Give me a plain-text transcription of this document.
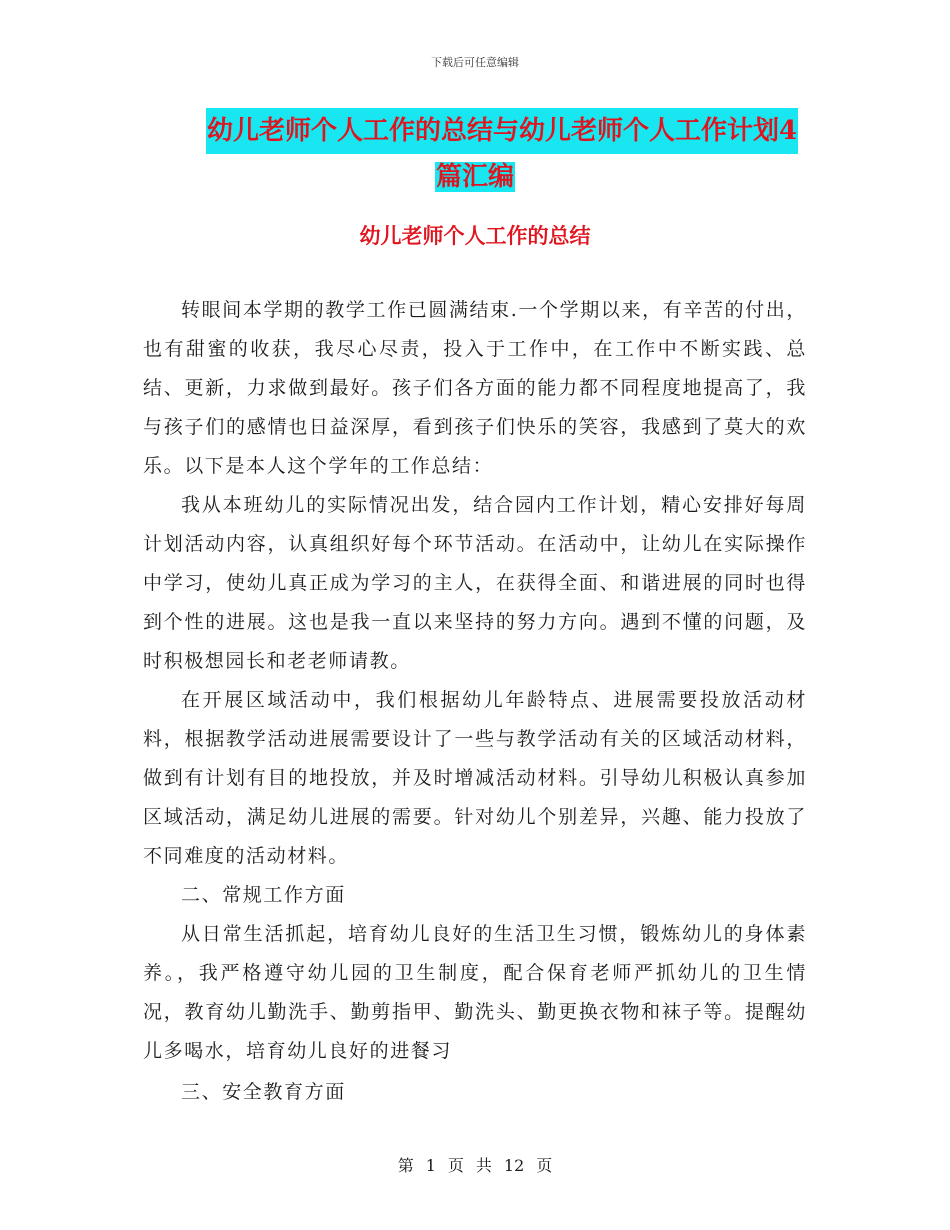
下载后可任意编辑
幼儿老师个人工作的总结与幼儿老师个人工作计划4
篇汇编
幼儿老师个人工作的总结

转眼间本学期的教学工作已圆满结束.一个学期以来，有辛苦的付出，也有甜蜜的收获，我尽心尽责，投入于工作中，在工作中不断实践、总结、更新，力求做到最好。孩子们各方面的能力都不同程度地提高了，我与孩子们的感情也日益深厚，看到孩子们快乐的笑容，我感到了莫大的欢乐。以下是本人这个学年的工作总结：

我从本班幼儿的实际情况出发，结合园内工作计划，精心安排好每周计划活动内容，认真组织好每个环节活动。在活动中，让幼儿在实际操作中学习，使幼儿真正成为学习的主人，在获得全面、和谐进展的同时也得到个性的进展。这也是我一直以来坚持的努力方向。遇到不懂的问题，及时积极想园长和老老师请教。

在开展区域活动中，我们根据幼儿年龄特点、进展需要投放活动材料，根据教学活动进展需要设计了一些与教学活动有关的区域活动材料，做到有计划有目的地投放，并及时增减活动材料。引导幼儿积极认真参加区域活动，满足幼儿进展的需要。针对幼儿个别差异，兴趣、能力投放了不同难度的活动材料。

二、常规工作方面

从日常生活抓起，培育幼儿良好的生活卫生习惯，锻炼幼儿的身体素养。，我严格遵守幼儿园的卫生制度，配合保育老师严抓幼儿的卫生情况，教育幼儿勤洗手、勤剪指甲、勤洗头、勤更换衣物和袜子等。提醒幼儿多喝水，培育幼儿良好的进餐习

三、安全教育方面

第 1 页 共 12 页
